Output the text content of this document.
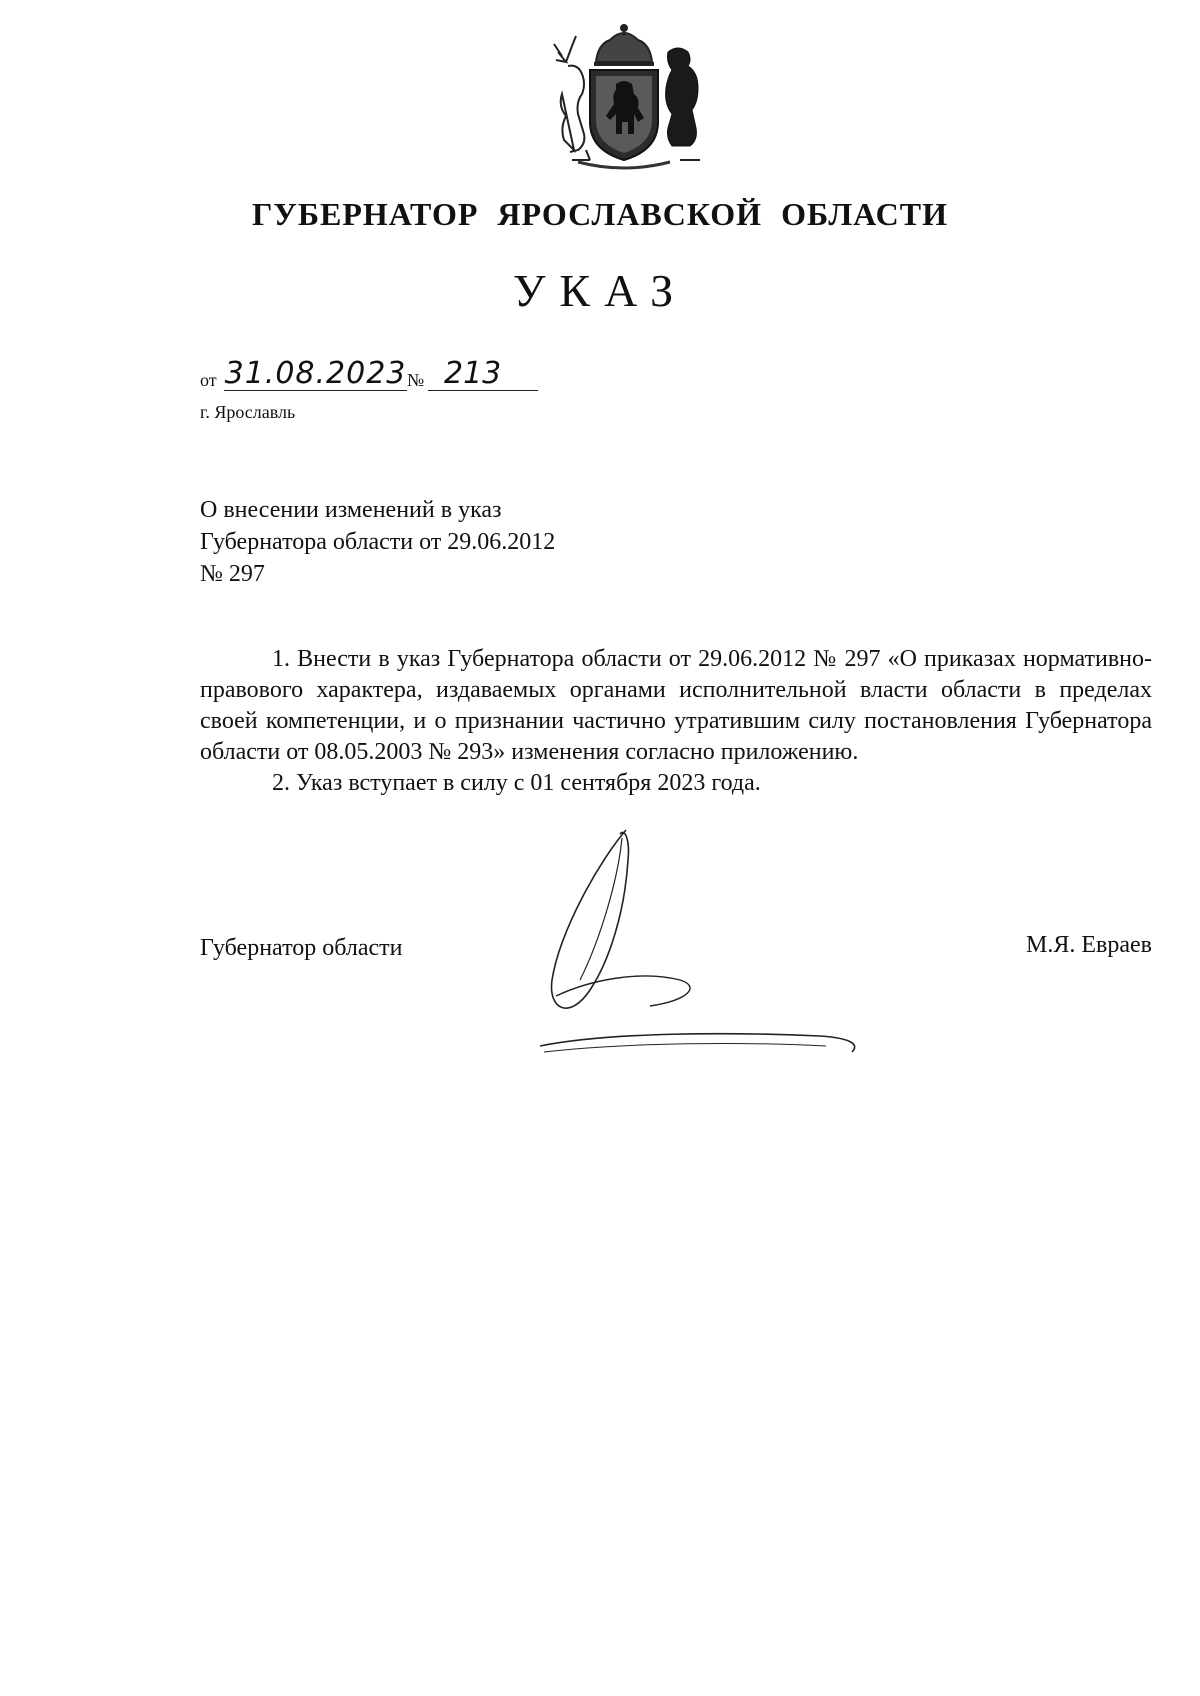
ГУБЕРНАТОР ЯРОСЛАВСКОЙ ОБЛАСТИ
УКАЗ
от 31.08.2023 № 213
г. Ярославль
О внесении изменений в указ
Губернатора области от 29.06.2012
№ 297

1. Внести в указ Губернатора области от 29.06.2012 № 297 «О приказах нормативно-правового характера, издаваемых органами исполнительной власти области в пределах своей компетенции, и о признании частично утратившим силу постановления Губернатора области от 08.05.2003 № 293» изменения согласно приложению.

2. Указ вступает в силу с 01 сентября 2023 года.

Губернатор области	М.Я. Евраев
